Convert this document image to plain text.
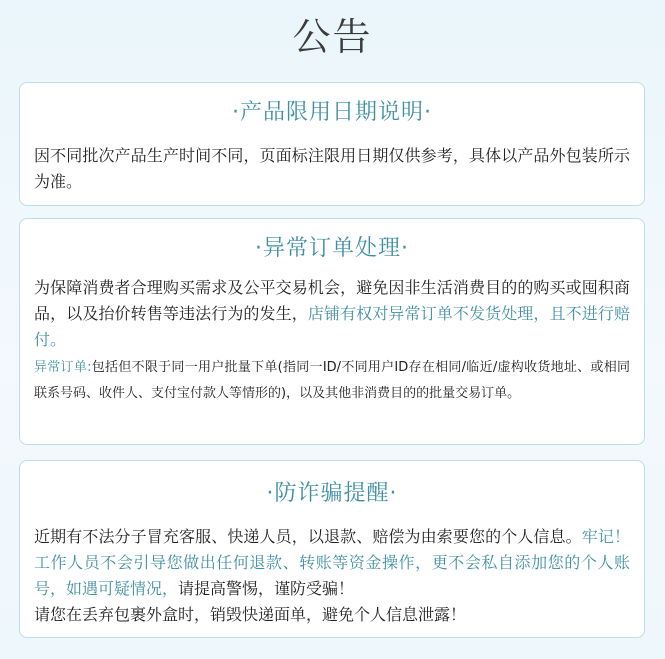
公告
·产品限用日期说明·

因不同批次产品生产时间不同，页面标注限用日期仅供参考，具体以产品外包装所示为准。

·异常订单处理·

为保障消费者合理购买需求及公平交易机会，避免因非生活消费目的的购买或囤积商品，以及抬价转售等违法行为的发生，店铺有权对异常订单不发货处理，且不进行赔付。

异常订单:包括但不限于同一用户批量下单(指同一ID/不同用户ID存在相同/临近/虚构收货地址、或相同联系号码、收件人、支付宝付款人等情形的)，以及其他非消费目的的批量交易订单。

·防诈骗提醒·

近期有不法分子冒充客服、快递人员，以退款、赔偿为由索要您的个人信息。牢记！工作人员不会引导您做出任何退款、转账等资金操作，更不会私自添加您的个人账号，如遇可疑情况，请提高警惕，谨防受骗！
请您在丢弃包裹外盒时，销毁快递面单，避免个人信息泄露！
